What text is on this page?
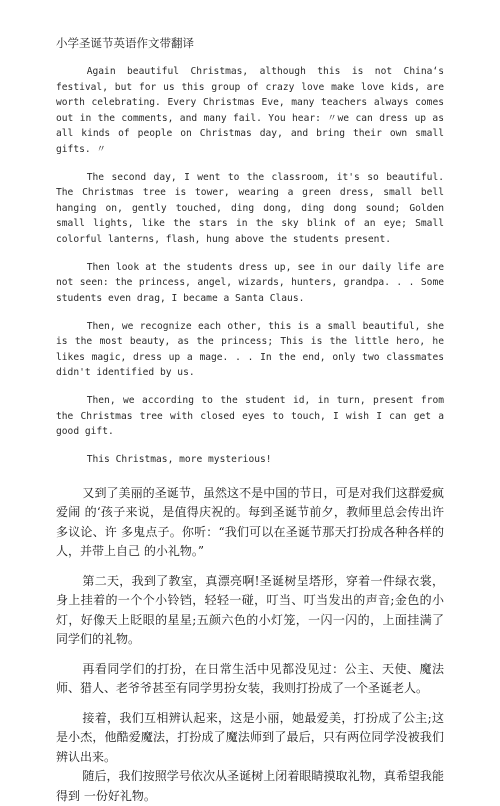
小学圣诞节英语作文带翻译

Again beautiful Christmas, although this is not China‘s festival, but for us this group of crazy love make love kids, are worth celebrating. Every Christmas Eve, many teachers always comes out in the comments, and many fail. You hear: 〃we can dress up as all kinds of people on Christmas day, and bring their own small gifts. 〃

The second day, I went to the classroom, it's so beautiful. The Christmas tree is tower, wearing a green dress, small bell hanging on, gently touched, ding dong, ding dong sound; Golden small lights, like the stars in the sky blink of an eye; Small colorful lanterns, flash, hung above the students present.

Then look at the students dress up, see in our daily life are not seen: the princess, angel, wizards, hunters, grandpa. . . Some students even drag, I became a Santa Claus.

Then, we recognize each other, this is a small beautiful, she is the most beauty, as the princess; This is the little hero, he likes magic, dress up a mage. . . In the end, only two classmates didn't identified by us.

Then, we according to the student id, in turn, present from the Christmas tree with closed eyes to touch, I wish I can get a good gift.

This Christmas, more mysterious!

又到了美丽的圣诞节，虽然这不是中国的节日，可是对我们这群爱疯爱闹 的‘孩子来说，是值得庆祝的。每到圣诞节前夕，教师里总会传出许多议论、许 多鬼点子。你听：“我们可以在圣诞节那天打扮成各种各样的人，并带上自己 的小礼物。”

第二天，我到了教室，真漂亮啊!圣诞树呈塔形，穿着一件绿衣裳，身上挂着的一个个小铃铛，轻轻一碰，叮当、叮当发出的声音;金色的小灯，好像天上眨眼的星星;五颜六色的小灯笼，一闪一闪的，上面挂满了同学们的礼物。

再看同学们的打扮，在日常生活中见都没见过：公主、天使、魔法师、猎人、老爷爷甚至有同学男扮女装，我则打扮成了一个圣诞老人。

接着，我们互相辨认起来，这是小丽，她最爱美，打扮成了公主;这是小杰，他酷爱魔法，打扮成了魔法师到了最后，只有两位同学没被我们辨认出来。

随后，我们按照学号依次从圣诞树上闭着眼睛摸取礼物，真希望我能得到 一份好礼物。
